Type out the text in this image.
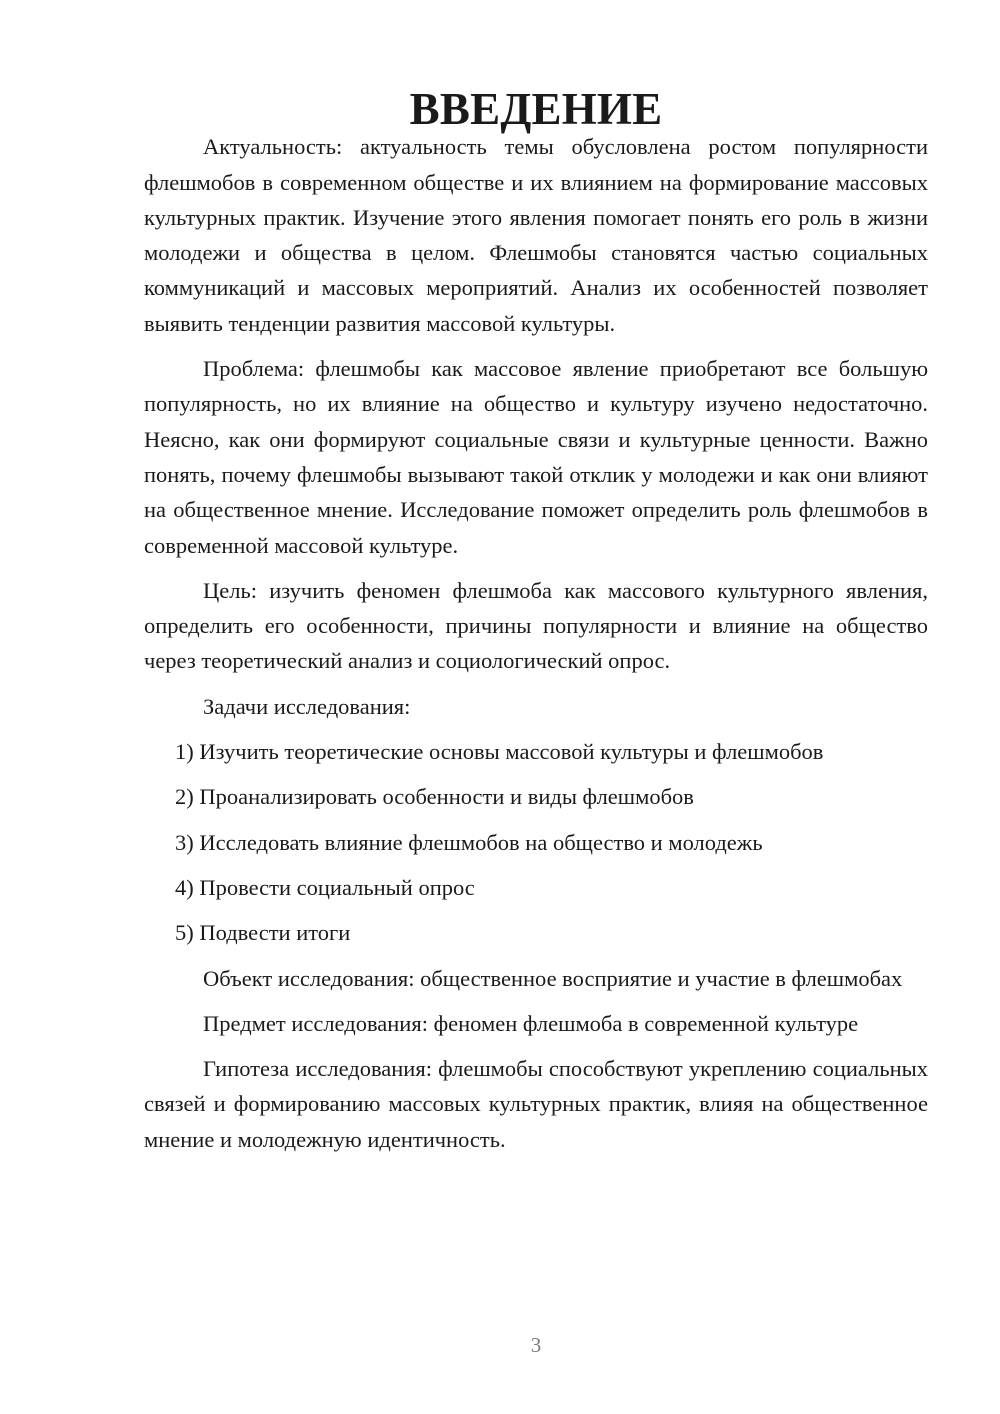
ВВЕДЕНИЕ

Актуальность: актуальность темы обусловлена ростом популярности флешмобов в современном обществе и их влиянием на формирование массовых культурных практик. Изучение этого явления помогает понять его роль в жизни молодежи и общества в целом. Флешмобы становятся частью социальных коммуникаций и массовых мероприятий. Анализ их особенностей позволяет выявить тенденции развития массовой культуры.

Проблема: флешмобы как массовое явление приобретают все большую популярность, но их влияние на общество и культуру изучено недостаточно. Неясно, как они формируют социальные связи и культурные ценности. Важно понять, почему флешмобы вызывают такой отклик у молодежи и как они влияют на общественное мнение. Исследование поможет определить роль флешмобов в современной массовой культуре.

Цель: изучить феномен флешмоба как массового культурного явления, определить его особенности, причины популярности и влияние на общество через теоретический анализ и социологический опрос.

Задачи исследования:

1) Изучить теоретические основы массовой культуры и флешмобов
2) Проанализировать особенности и виды флешмобов
3) Исследовать влияние флешмобов на общество и молодежь
4) Провести социальный опрос
5) Подвести итоги

Объект исследования: общественное восприятие и участие в флешмобах

Предмет исследования: феномен флешмоба в современной культуре

Гипотеза исследования: флешмобы способствуют укреплению социальных связей и формированию массовых культурных практик, влияя на общественное мнение и молодежную идентичность.

3
